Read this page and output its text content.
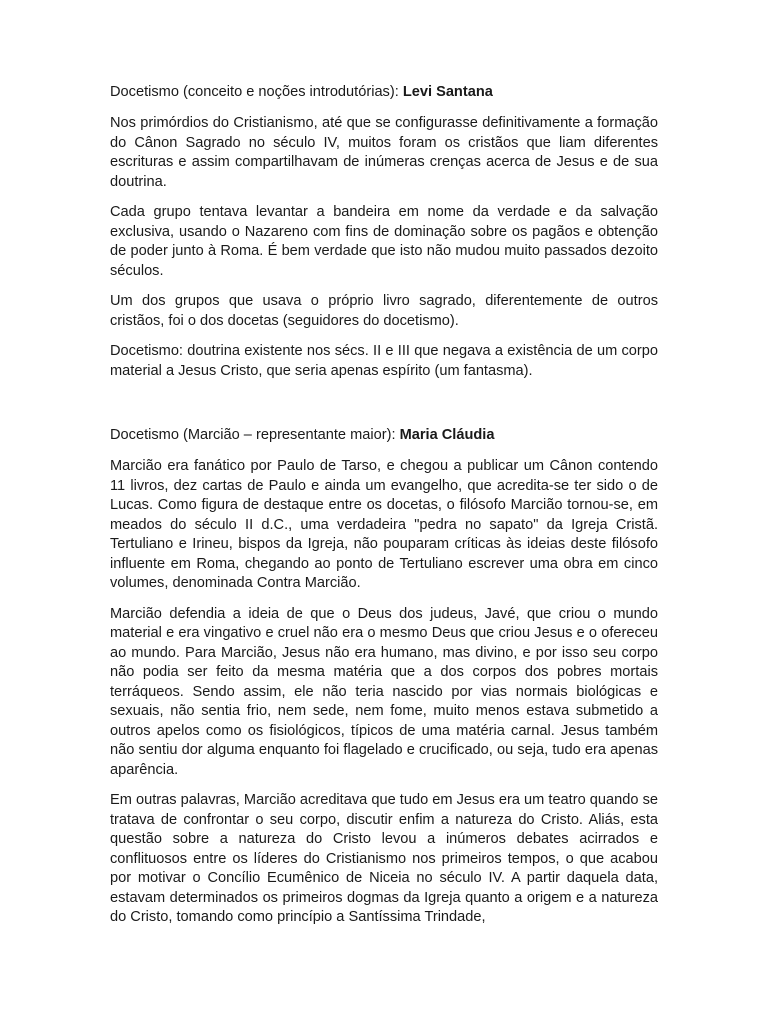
Docetismo (conceito e noções introdutórias): Levi Santana

Nos primórdios do Cristianismo, até que se configurasse definitivamente a formação do Cânon Sagrado no século IV, muitos foram os cristãos que liam diferentes escrituras e assim compartilhavam de inúmeras crenças acerca de Jesus e de sua doutrina.

Cada grupo tentava levantar a bandeira em nome da verdade e da salvação exclusiva, usando o Nazareno com fins de dominação sobre os pagãos e obtenção de poder junto à Roma. É bem verdade que isto não mudou muito passados dezoito séculos.

Um dos grupos que usava o próprio livro sagrado, diferentemente de outros cristãos, foi o dos docetas (seguidores do docetismo).

Docetismo: doutrina existente nos sécs. II e III que negava a existência de um corpo material a Jesus Cristo, que seria apenas espírito (um fantasma).

Docetismo (Marcião – representante maior): Maria Cláudia

Marcião era fanático por Paulo de Tarso, e chegou a publicar um Cânon contendo 11 livros, dez cartas de Paulo e ainda um evangelho, que acredita-se ter sido o de Lucas. Como figura de destaque entre os docetas, o filósofo Marcião tornou-se, em meados do século II d.C., uma verdadeira "pedra no sapato" da Igreja Cristã. Tertuliano e Irineu, bispos da Igreja, não pouparam críticas às ideias deste filósofo influente em Roma, chegando ao ponto de Tertuliano escrever uma obra em cinco volumes, denominada Contra Marcião.

Marcião defendia a ideia de que o Deus dos judeus, Javé, que criou o mundo material e era vingativo e cruel não era o mesmo Deus que criou Jesus e o ofereceu ao mundo. Para Marcião, Jesus não era humano, mas divino, e por isso seu corpo não podia ser feito da mesma matéria que a dos corpos dos pobres mortais terráqueos. Sendo assim, ele não teria nascido por vias normais biológicas e sexuais, não sentia frio, nem sede, nem fome, muito menos estava submetido a outros apelos como os fisiológicos, típicos de uma matéria carnal. Jesus também não sentiu dor alguma enquanto foi flagelado e crucificado, ou seja, tudo era apenas aparência.

Em outras palavras, Marcião acreditava que tudo em Jesus era um teatro quando se tratava de confrontar o seu corpo, discutir enfim a natureza do Cristo. Aliás, esta questão sobre a natureza do Cristo levou a inúmeros debates acirrados e conflituosos entre os líderes do Cristianismo nos primeiros tempos, o que acabou por motivar o Concílio Ecumênico de Niceia no século IV. A partir daquela data, estavam determinados os primeiros dogmas da Igreja quanto a origem e a natureza do Cristo, tomando como princípio a Santíssima Trindade,
